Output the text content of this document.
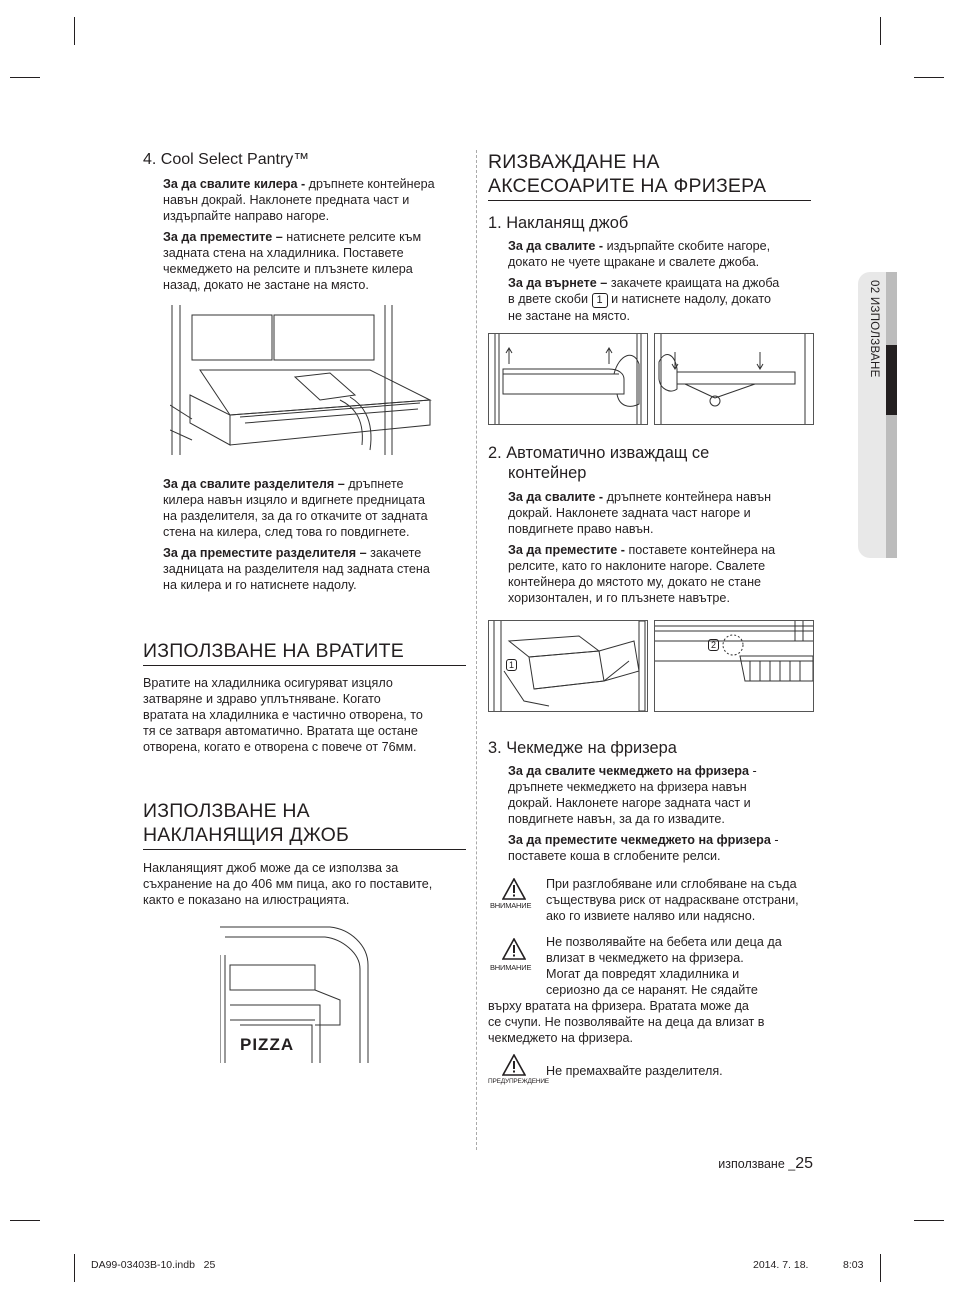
4. Cool Select Pantry™

За да свалите килера - дръпнете контейнера
навън докрай. Наклонете предната част и
издърпайте направо нагоре.

За да преместите – натиснете релсите към
задната стена на хладилника. Поставете
чекмеджето на релсите и плъзнете килера
назад, докато не застане на място.

За да свалите разделителя – дръпнете
килера навън изцяло и вдигнете предницата
на разделителя, за да го откачите от задната
стена на килера, след това го повдигнете.

За да преместите разделителя – закачете
задницата на разделителя над задната стена
на килера и го натиснете надолу.

ИЗПОЛЗВАНЕ НА ВРАТИТЕ

Вратите на хладилника осигуряват изцяло
затваряне и здраво уплътняване. Когато
вратата на хладилника е частично отворена, то
тя се затваря автоматично. Вратата ще остане
отворена, когато е отворена с повече от 76мм.

ИЗПОЛЗВАНЕ НА
НАКЛАНЯЩИЯ ДЖОБ

Накланящият джоб може да се използва за
съхранение на до 406 мм пица, ако го поставите,
както е показано на илюстрацията.

PIZZA

RИЗВАЖДАНЕ НА
АКСЕСОАРИТЕ НА ФРИЗЕРА

1. Накланящ джоб

За да свалите - издърпайте скобите нагоре,
докато не чуете щракане и свалете джоба.

За да върнете – закачете краищата на джоба
в двете скоби 1 и натиснете надолу, докато
не застане на място.

2. Автоматично изваждащ се
контейнер

За да свалите - дръпнете контейнера навън
докрай. Наклонете задната част нагоре и
повдигнете право навън.

За да преместите - поставете контейнера на
релсите, като го наклоните нагоре. Свалете
контейнера до мястото му, докато не стане
хоризонтален, и го плъзнете навътре.

1
2

3. Чекмедже на фризера

За да свалите чекмеджето на фризера -
дръпнете чекмеджето на фризера навън
докрай. Наклонете нагоре задната част и
повдигнете навън, за да го извадите.

За да преместите чекмеджето на фризера -
поставете коша в сглобените релси.

ВНИМАНИЕ

При разглобяване или сглобяване на съда
съществува риск от надрaскване отстрани,
ако го извиете наляво или надясно.

ВНИМАНИЕ

Не позволявайте на бебета или деца да
влизат в чекмеджето на фризера.
Могат да повредят хладилника и
сериозно да се наранят. Не сядайте

върху вратата на фризера. Вратата може да
се счупи. Не позволявайте на деца да влизат в
чекмеджето на фризера.

ПРЕДУПРЕЖДЕНИЕ

Не премахвайте разделителя.

02 ИЗПОЛЗВАНЕ
използване _25
DA99-03403B-10.indb   25	2014. 7. 18.	8:03
